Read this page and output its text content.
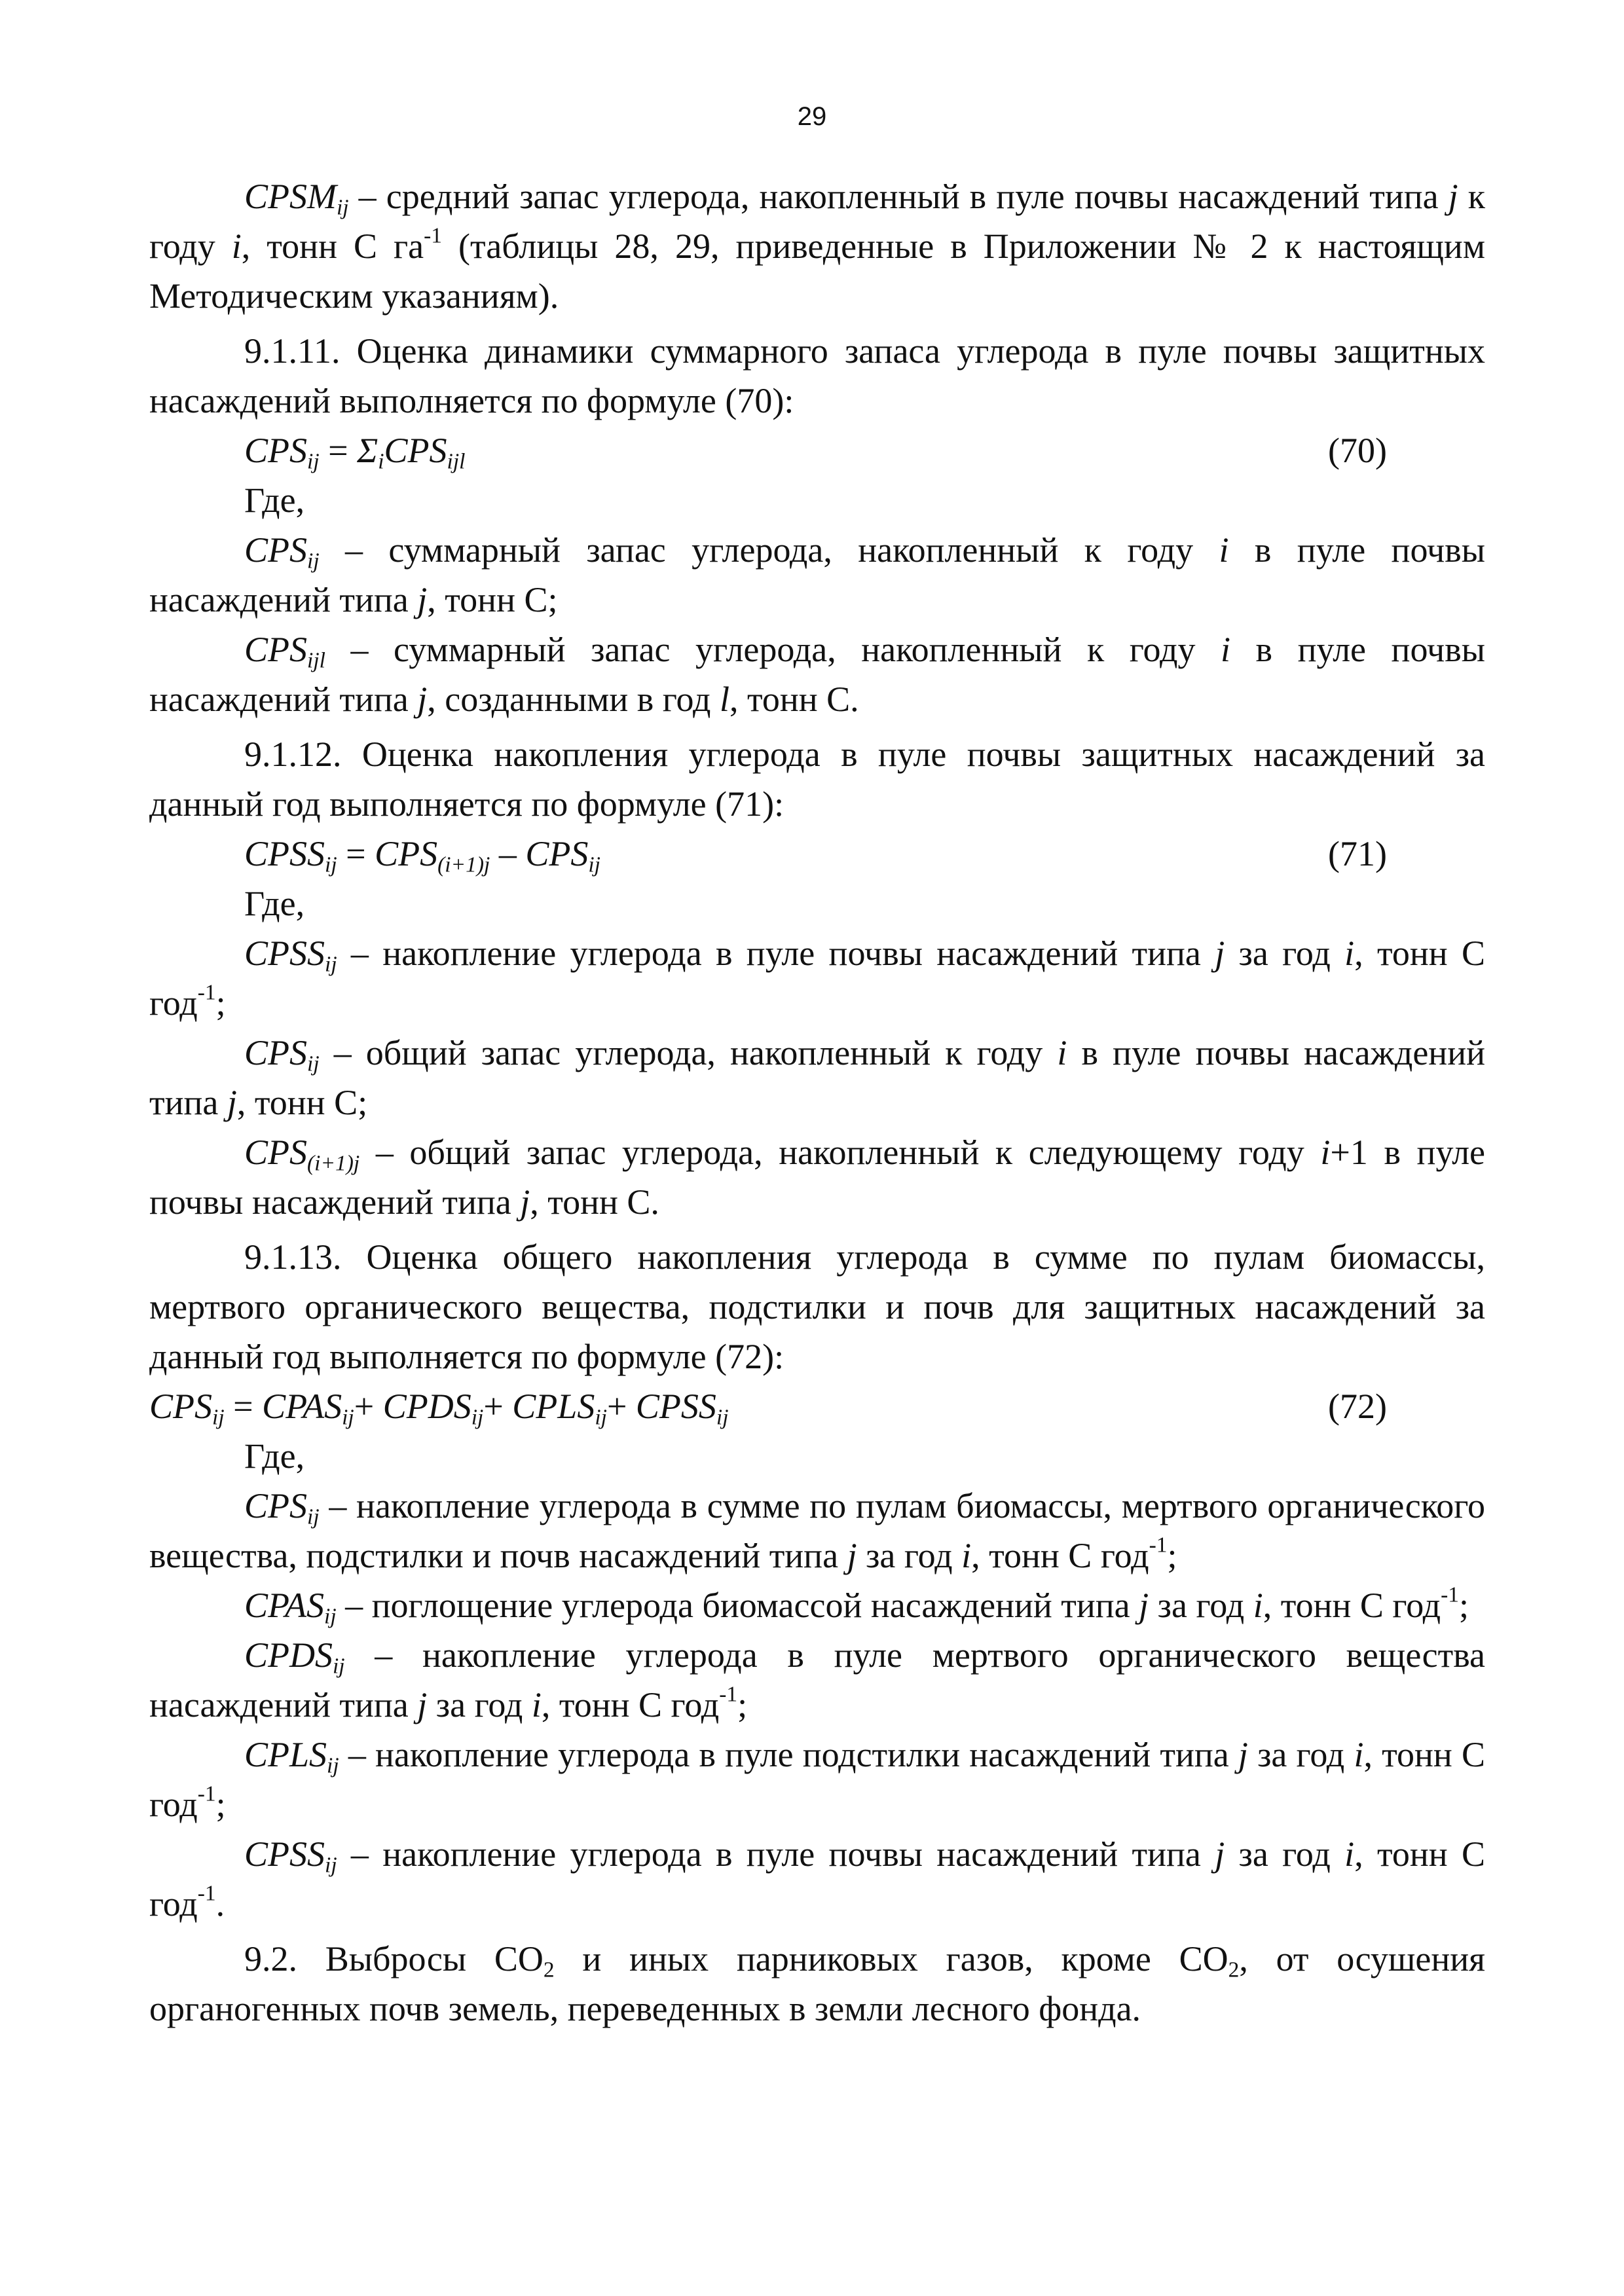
29

$CPSM_{ij}$ – средний запас углерода, накопленный в пуле почвы насаждений типа j к году i, тонн С $га^{-1}$ (таблицы 28, 29, приведенные в Приложении № 2 к настоящим Методическим указаниям).

9.1.11. Оценка динамики суммарного запаса углерода в пуле почвы защитных насаждений выполняется по формуле (70):

$CPS_{ij} = \Sigma_iCPS_{ijl}$	(70)

Где,

$CPS_{ij}$ – суммарный запас углерода, накопленный к году i в пуле почвы насаждений типа j, тонн С;

$CPS_{ijl}$ – суммарный запас углерода, накопленный к году i в пуле почвы насаждений типа j, созданными в год l, тонн С.

9.1.12. Оценка накопления углерода в пуле почвы защитных насаждений за данный год выполняется по формуле (71):

$CPSS_{ij} = CPS_{(i+1)j} - CPS_{ij}$	(71)

Где,

$CPSS_{ij}$ – накопление углерода в пуле почвы насаждений типа j за год i, тонн С год$^{-1}$;

$CPS_{ij}$ – общий запас углерода, накопленный к году i в пуле почвы насаждений типа j, тонн С;

$CPS_{(i+1)j}$ – общий запас углерода, накопленный к следующему году i+1 в пуле почвы насаждений типа j, тонн С.

9.1.13. Оценка общего накопления углерода в сумме по пулам биомассы, мертвого органического вещества, подстилки и почв для защитных насаждений за данный год выполняется по формуле (72):

$CPS_{ij}$ = $CPAS_{ij}+$ $CPDS_{ij}+$ $CPLS_{ij}+$ $CPSS_{ij}$	(72)

Где,

$CPS_{ij}$ – накопление углерода в сумме по пулам биомассы, мертвого органического вещества, подстилки и почв насаждений типа j за год i, тонн С год$^{-1}$;

$CPAS_{ij}$ – поглощение углерода биомассой насаждений типа j за год i, тонн С год$^{-1}$;

$CPDS_{ij}$ – накопление углерода в пуле мертвого органического вещества насаждений типа j за год i, тонн С год$^{-1}$;

$CPLS_{ij}$ – накопление углерода в пуле подстилки насаждений типа j за год i, тонн С год$^{-1}$;

$CPSS_{ij}$ – накопление углерода в пуле почвы насаждений типа j за год i, тонн С год$^{-1}$.

9.2. Выбросы $CO_2$ и иных парниковых газов, кроме $CO_2$, от осушения органогенных почв земель, переведенных в земли лесного фонда.
